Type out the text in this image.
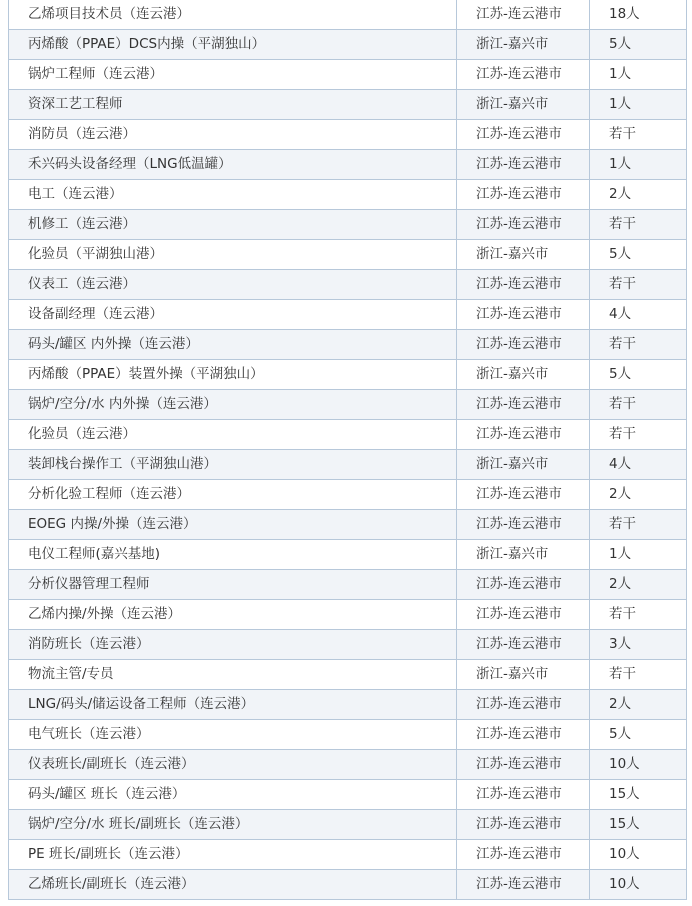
乙烯项目技术员（连云港）	江苏-连云港市	18人
丙烯酸（PPAE）DCS内操（平湖独山）	浙江-嘉兴市	5人
锅炉工程师（连云港）	江苏-连云港市	1人
资深工艺工程师	浙江-嘉兴市	1人
消防员（连云港）	江苏-连云港市	若干
禾兴码头设备经理（LNG低温罐）	江苏-连云港市	1人
电工（连云港）	江苏-连云港市	2人
机修工（连云港）	江苏-连云港市	若干
化验员（平湖独山港）	浙江-嘉兴市	5人
仪表工（连云港）	江苏-连云港市	若干
设备副经理（连云港）	江苏-连云港市	4人
码头/罐区 内外操（连云港）	江苏-连云港市	若干
丙烯酸（PPAE）装置外操（平湖独山）	浙江-嘉兴市	5人
锅炉/空分/水 内外操（连云港）	江苏-连云港市	若干
化验员（连云港）	江苏-连云港市	若干
装卸栈台操作工（平湖独山港）	浙江-嘉兴市	4人
分析化验工程师（连云港）	江苏-连云港市	2人
EOEG 内操/外操（连云港）	江苏-连云港市	若干
电仪工程师(嘉兴基地)	浙江-嘉兴市	1人
分析仪器管理工程师	江苏-连云港市	2人
乙烯内操/外操（连云港）	江苏-连云港市	若干
消防班长（连云港）	江苏-连云港市	3人
物流主管/专员	浙江-嘉兴市	若干
LNG/码头/储运设备工程师（连云港）	江苏-连云港市	2人
电气班长（连云港）	江苏-连云港市	5人
仪表班长/副班长（连云港）	江苏-连云港市	10人
码头/罐区 班长（连云港）	江苏-连云港市	15人
锅炉/空分/水 班长/副班长（连云港）	江苏-连云港市	15人
PE 班长/副班长（连云港）	江苏-连云港市	10人
乙烯班长/副班长（连云港）	江苏-连云港市	10人
